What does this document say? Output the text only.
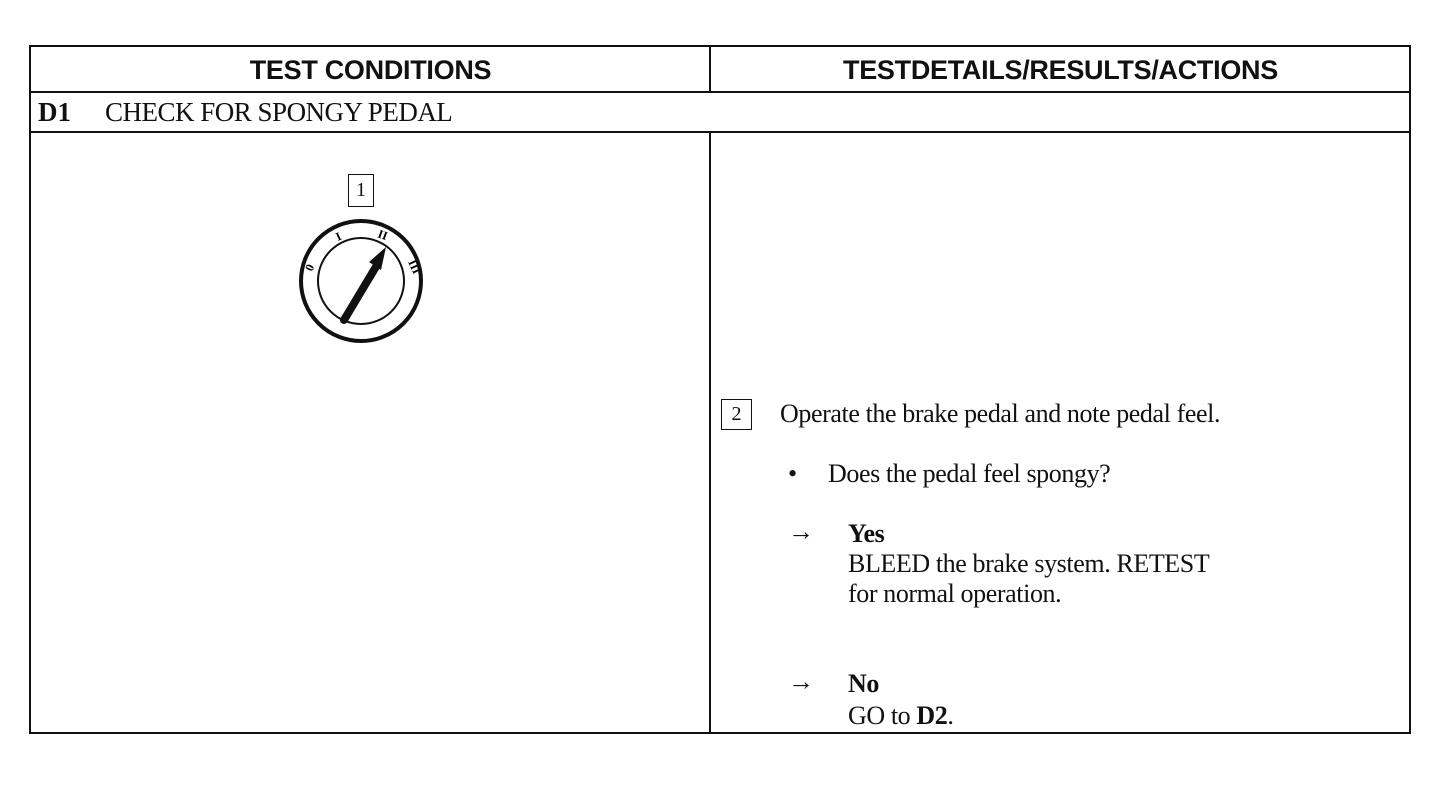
TEST CONDITIONS	TESTDETAILS/RESULTS/ACTIONS
D1 CHECK FOR SPONGY PEDAL
1
0
I	II
III
2	Operate the brake pedal and note pedal feel.
• Does the pedal feel spongy?
→ Yes
BLEED the brake system. RETEST
for normal operation.
→ No
GO to D2.
